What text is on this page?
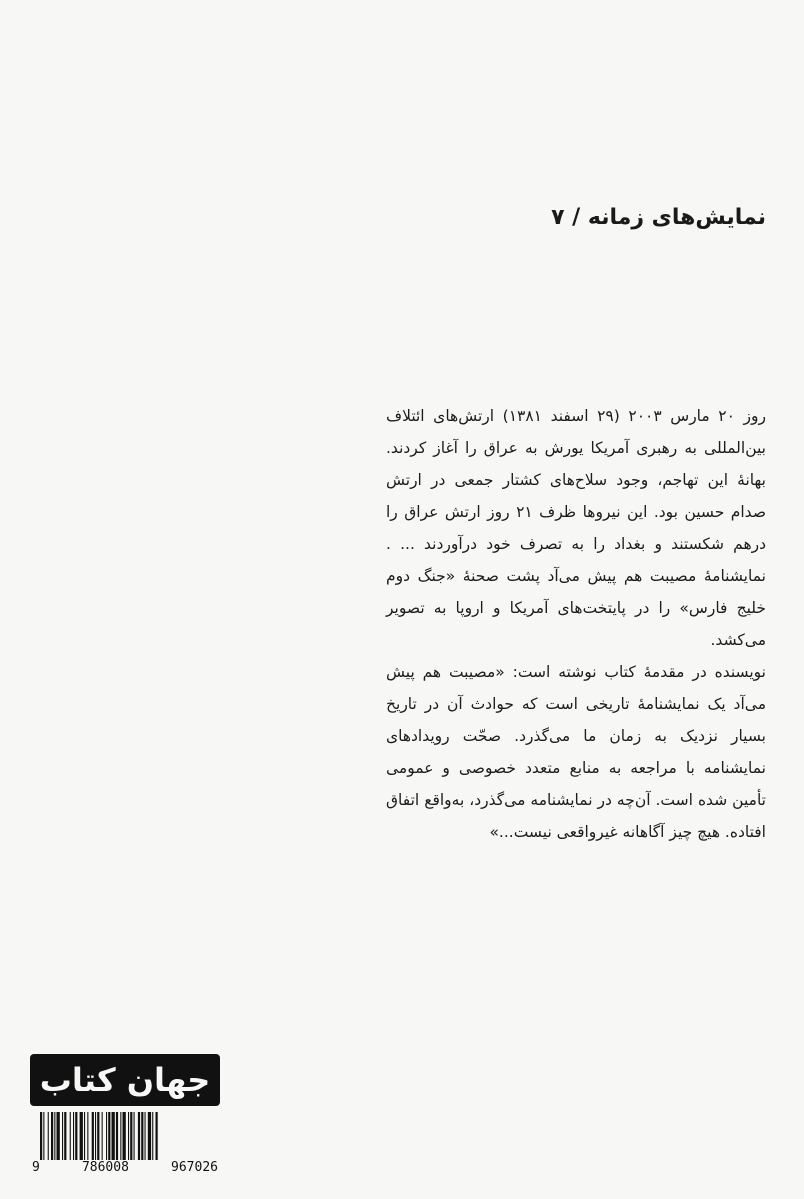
نمایش‌های زمانه / ۷

روز ۲۰ مارس ۲۰۰۳ (۲۹ اسفند ۱۳۸۱) ارتش‌های ائتلاف بین‌المللی به رهبری آمریکا یورش به عراق را آغاز کردند. بهانهٔ این تهاجم، وجود سلاح‌های کشتار جمعی در ارتش صدام حسین بود. این نیروها ظرف ۲۱ روز ارتش عراق را درهم شکستند و بغداد را به تصرف خود درآوردند ... . نمایشنامهٔ مصیبت هم پیش می‌آد پشت صحنهٔ «جنگ دوم خلیج فارس» را در پایتخت‌های آمریکا و اروپا به تصویر می‌کشد.

نویسنده در مقدمهٔ کتاب نوشته است: «مصیبت هم پیش می‌آد یک نمایشنامهٔ تاریخی است که حوادث آن در تاریخ بسیار نزدیک به زمان ما می‌گذرد. صحّت رویدادهای نمایشنامه با مراجعه به منابع متعدد خصوصی و عمومی تأمین شده است. آن‌چه در نمایشنامه می‌گذرد، به‌واقع اتفاق افتاده. هیچ چیز آگاهانه غیرواقعی نیست...»

جهان کتاب
9	786008	967026
